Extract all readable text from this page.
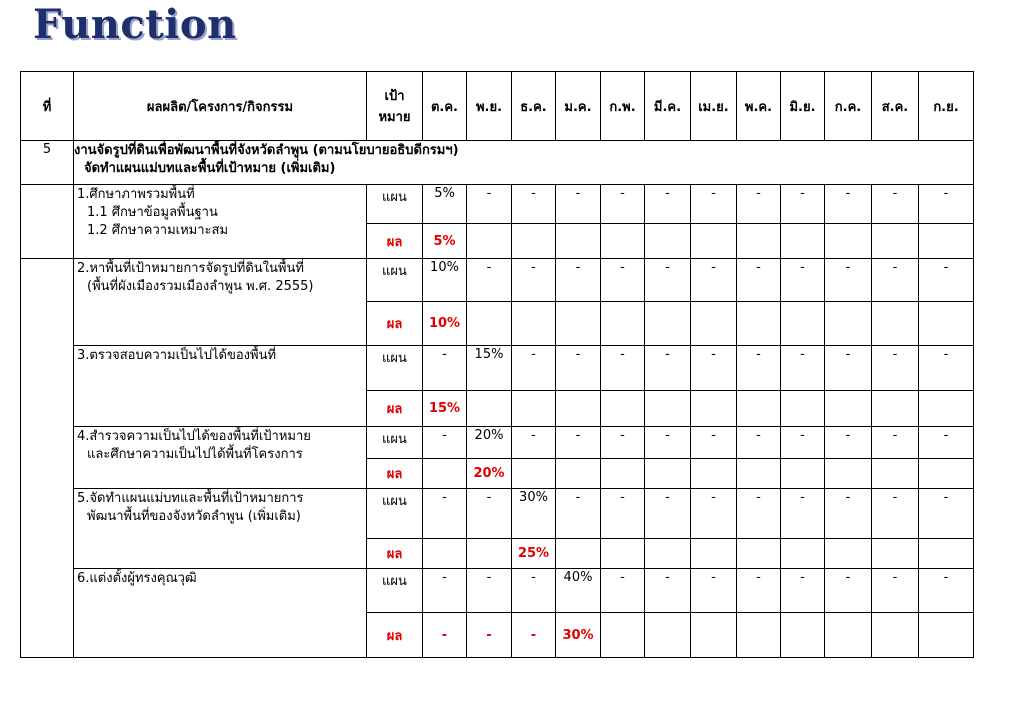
Function
ที่	ผลผลิต/โครงการ/กิจกรรม	เป้าหมาย	ต.ค.	พ.ย.	ธ.ค.	ม.ค.	ก.พ.	มี.ค.	เม.ย.	พ.ค.	มิ.ย.	ก.ค.	ส.ค.	ก.ย.
5	งานจัดรูปที่ดินเพื่อพัฒนาพื้นที่จังหวัดลำพูน (ตามนโยบายอธิบดีกรมฯ)
จัดทำแผนแม่บทและพื้นที่เป้าหมาย (เพิ่มเติม)													

	1.ศึกษาภาพรวมพื้นที่
1.1 ศึกษาข้อมูลพื้นฐาน
1.2 ศึกษาความเหมาะสม	แผน	5%	-	-	-	-	-	-	-	-	-	-	-
		ผล	5%											

	2.หาพื้นที่เป้าหมายการจัดรูปที่ดินในพื้นที่
(พื้นที่ผังเมืองรวมเมืองลำพูน พ.ศ. 2555)	แผน	10%	-	-	-	-	-	-	-	-	-	-	-
		ผล	10%											

	3.ตรวจสอบความเป็นไปได้ของพื้นที่	แผน	-	15%	-	-	-	-	-	-	-	-	-	-
		ผล	15%											

	4.สำรวจความเป็นไปได้ของพื้นที่เป้าหมาย
และศึกษาความเป็นไปได้พื้นที่โครงการ	แผน	-	20%	-	-	-	-	-	-	-	-	-	-
		ผล		20%										

	5.จัดทำแผนแม่บทและพื้นที่เป้าหมายการ
พัฒนาพื้นที่ของจังหวัดลำพูน (เพิ่มเติม)	แผน	-	-	30%	-	-	-	-	-	-	-	-	-
		ผล			25%									

	6.แต่งตั้งผู้ทรงคุณวุฒิ	แผน	-	-	-	40%	-	-	-	-	-	-	-	-
		ผล	-	-	-	30%								
